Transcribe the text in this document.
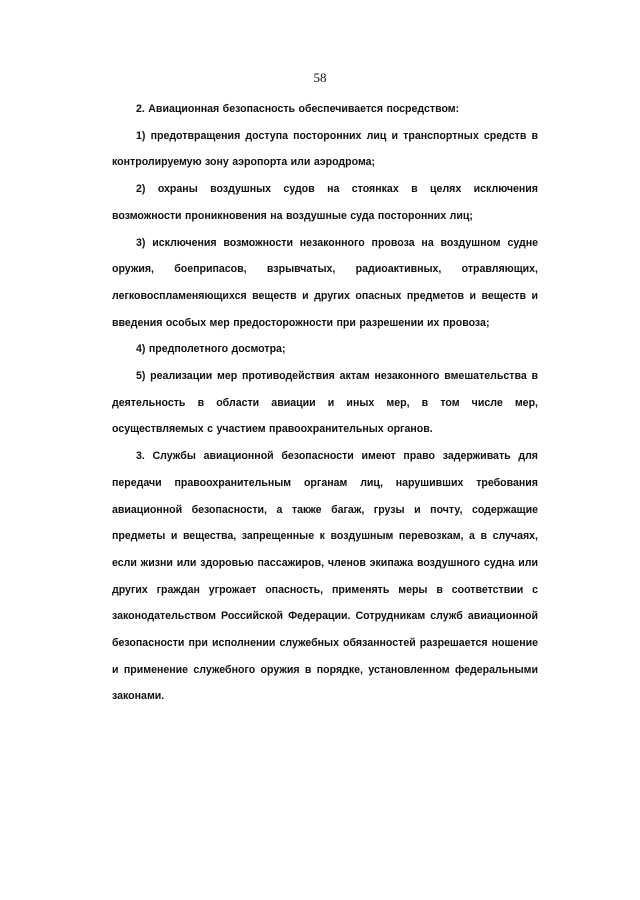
58

2. Авиационная безопасность обеспечивается посредством:

1) предотвращения доступа посторонних лиц и транспортных средств в контролируемую зону аэропорта или аэродрома;

2) охраны воздушных судов на стоянках в целях исключения возможности проникновения на воздушные суда посторонних лиц;

3) исключения возможности незаконного провоза на воздушном судне оружия, боеприпасов, взрывчатых, радиоактивных, отравляющих, легковоспламеняющихся веществ и других опасных предметов и веществ и введения особых мер предосторожности при разрешении их провоза;

4) предполетного досмотра;

5) реализации мер противодействия актам незаконного вмешательства в деятельность в области авиации и иных мер, в том числе мер, осуществляемых с участием правоохранительных органов.

3. Службы авиационной безопасности имеют право задерживать для передачи правоохранительным органам лиц, нарушивших требования авиационной безопасности, а также багаж, грузы и почту, содержащие предметы и вещества, запрещенные к воздушным перевозкам, а в случаях, если жизни или здоровью пассажиров, членов экипажа воздушного судна или других граждан угрожает опасность, применять меры в соответствии с законодательством Российской Федерации. Сотрудникам служб авиационной безопасности при исполнении служебных обязанностей разрешается ношение и применение служебного оружия в порядке, установленном федеральными законами.
